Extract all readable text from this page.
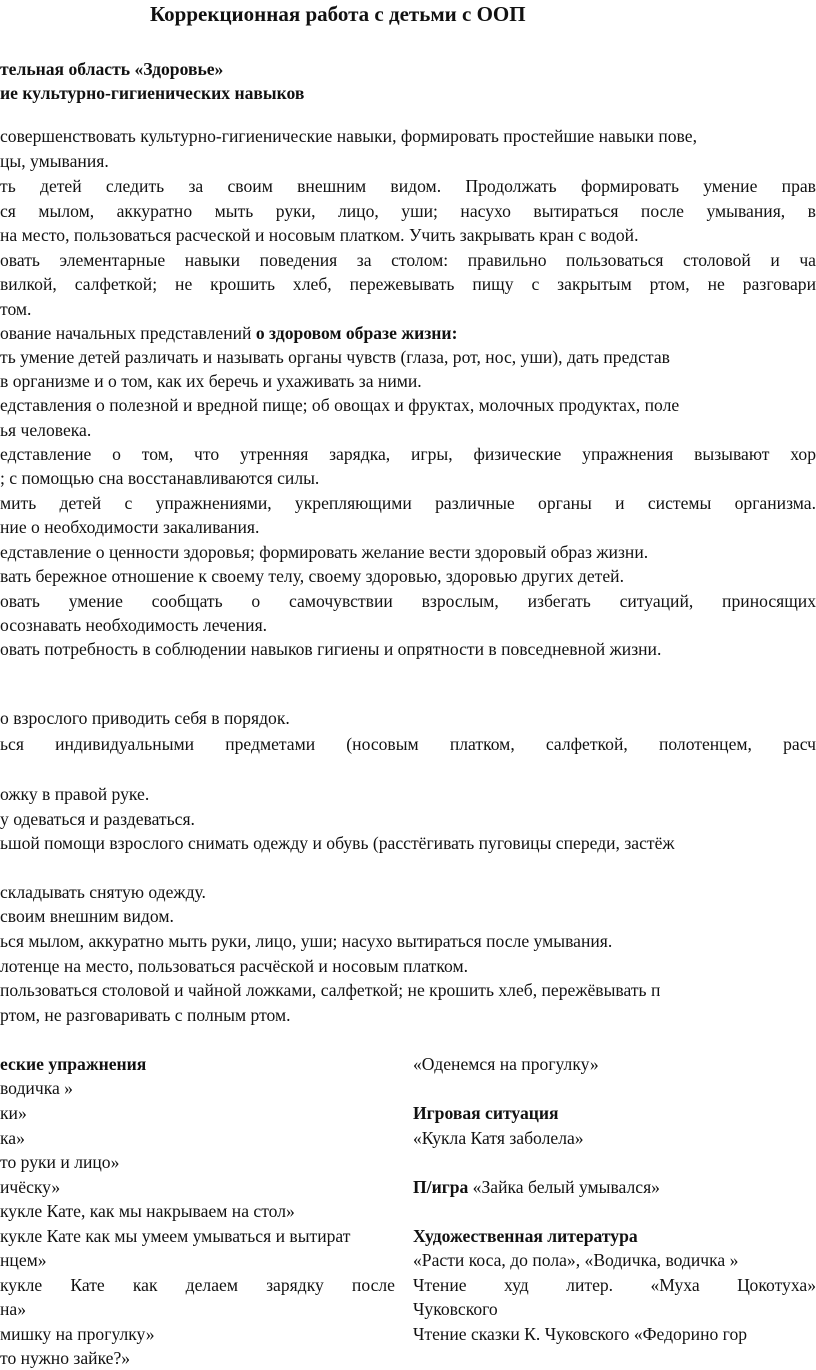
Коррекционная работа с детьми с ООП
тельная область «Здоровье»
ие культурно-гигиенических навыков
совершенствовать культурно-гигиенические навыки, формировать простейшие навыки пове,
цы, умывания.
ть детей следить за своим внешним видом. Продолжать формировать умение прав
ся мылом, аккуратно мыть руки, лицо, уши; насухо вытираться после умывания, в
на место, пользоваться расческой и носовым платком. Учить закрывать кран с водой.
овать элементарные навыки поведения за столом: правильно пользоваться столовой и ча
вилкой, салфеткой; не крошить хлеб, пережевывать пищу с закрытым ртом, не разговари
том.
ование начальных представлений о здоровом образе жизни:
ть умение детей различать и называть органы чувств (глаза, рот, нос, уши), дать представ
в организме и о том, как их беречь и ухаживать за ними.
едставления о полезной и вредной пище; об овощах и фруктах, молочных продуктах, поле
ья человека.
едставление о том, что утренняя зарядка, игры, физические упражнения вызывают хор
; с помощью сна восстанавливаются силы.
мить детей с упражнениями, укрепляющими различные органы и системы организма.
ние о необходимости закаливания.
едставление о ценности здоровья; формировать желание вести здоровый образ жизни.
вать бережное отношение к своему телу, своему здоровью, здоровью других детей.
овать умение сообщать о самочувствии взрослым, избегать ситуаций, приносящих
осознавать необходимость лечения.
овать потребность в соблюдении навыков гигиены и опрятности в повседневной жизни.
о взрослого приводить себя в порядок.
ься индивидуальными предметами (носовым платком, салфеткой, полотенцем, расч
ожку в правой руке.
у одеваться и раздеваться.
ьшой помощи взрослого снимать одежду и обувь (расстёгивать пуговицы спереди, застёж
складывать снятую одежду.
своим внешним видом.
ься мылом, аккуратно мыть руки, лицо, уши; насухо вытираться после умывания.
лотенце на место, пользоваться расчёской и носовым платком.
пользоваться столовой и чайной ложками, салфеткой; не крошить хлеб, пережёвывать п
ртом, не разговаривать с полным ртом.
еские упражнения
водичка »
ки»
ка»
то руки и лицо»
ичёску»
кукле Кате, как мы накрываем на стол»
кукле Кате как мы умеем умываться и вытират
нцем»
кукле Кате как делаем зарядку после
на»
мишку на прогулку»
то нужно зайке?»
«Оденемся на прогулку»
Игровая ситуация
«Кукла Катя заболела»
П/игра «Зайка белый умывался»
Художественная литература
«Расти коса, до пола», «Водичка, водичка »
Чтение худ литер. «Муха Цокотуха»
Чуковского
Чтение сказки К. Чуковского «Федорино гор
